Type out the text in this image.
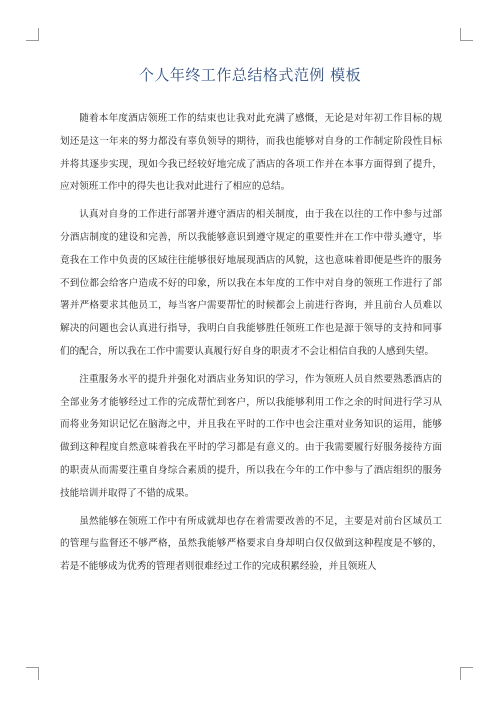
个人年终工作总结格式范例 模板

随着本年度酒店领班工作的结束也让我对此充满了感慨，无论是对年初工作目标的规划还是这一年来的努力都没有辜负领导的期待，而我也能够对自身的工作制定阶段性目标并将其逐步实现，现如今我已经较好地完成了酒店的各项工作并在本事方面得到了提升，应对领班工作中的得失也让我对此进行了相应的总结。

认真对自身的工作进行部署并遵守酒店的相关制度，由于我在以往的工作中参与过部分酒店制度的建设和完善，所以我能够意识到遵守规定的重要性并在工作中带头遵守，毕竟我在工作中负责的区域往往能够很好地展现酒店的风貌，这也意味着即便是些许的服务不到位都会给客户造成不好的印象，所以我在本年度的工作中对自身的领班工作进行了部署并严格要求其他员工，每当客户需要帮忙的时候都会上前进行咨询，并且前台人员难以解决的问题也会认真进行指导，我明白自我能够胜任领班工作也是源于领导的支持和同事们的配合，所以我在工作中需要认真履行好自身的职责才不会让相信自我的人感到失望。

注重服务水平的提升并强化对酒店业务知识的学习，作为领班人员自然要熟悉酒店的全部业务才能够经过工作的完成帮忙到客户，所以我能够利用工作之余的时间进行学习从而将业务知识记忆在脑海之中，并且我在平时的工作中也会注重对业务知识的运用，能够做到这种程度自然意味着我在平时的学习都是有意义的。由于我需要履行好服务接待方面的职责从而需要注重自身综合素质的提升，所以我在今年的工作中参与了酒店组织的服务技能培训并取得了不错的成果。

虽然能够在领班工作中有所成就却也存在着需要改善的不足，主要是对前台区域员工的管理与监督还不够严格，虽然我能够严格要求自身却明白仅仅做到这种程度是不够的，若是不能够成为优秀的管理者则很难经过工作的完成积累经验，并且领班人
